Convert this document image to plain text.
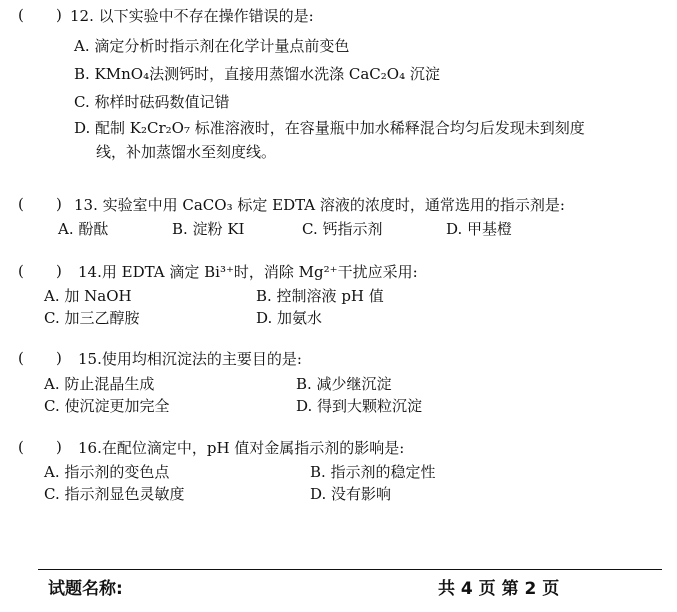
( ) 12. 以下实验中不存在操作错误的是:
A. 滴定分析时指示剂在化学计量点前变色
B. KMnO₄法测钙时，直接用蒸馏水洗涤 CaC₂O₄ 沉淀
C. 称样时砝码数值记错
D. 配制 K₂Cr₂O₇ 标准溶液时，在容量瓶中加水稀释混合均匀后发现未到刻度
线，补加蒸馏水至刻度线。
( ) 13. 实验室中用 CaCO₃ 标定 EDTA 溶液的浓度时，通常选用的指示剂是:
A. 酚酞	B. 淀粉 KI	C. 钙指示剂	D. 甲基橙
( ) 14.用 EDTA 滴定 Bi³⁺时，消除 Mg²⁺干扰应采用:
A. 加 NaOH	B. 控制溶液 pH 值
C. 加三乙醇胺	D. 加氨水
( ) 15.使用均相沉淀法的主要目的是:
A. 防止混晶生成	B. 减少继沉淀
C. 使沉淀更加完全	D. 得到大颗粒沉淀
( ) 16.在配位滴定中，pH 值对金属指示剂的影响是:
A. 指示剂的变色点	B. 指示剂的稳定性
C. 指示剂显色灵敏度	D. 没有影响
试题名称:	共 4 页 第 2 页
